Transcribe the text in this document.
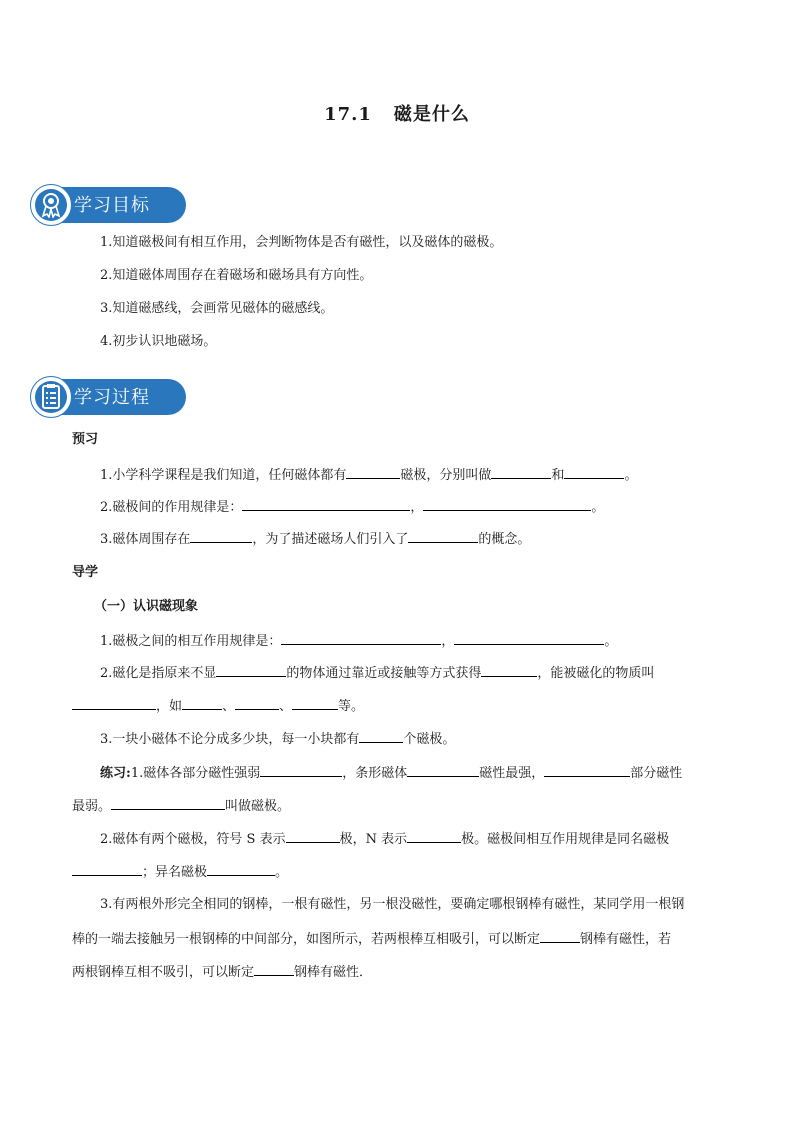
17.1 磁是什么
学习目标
1.知道磁极间有相互作用，会判断物体是否有磁性，以及磁体的磁极。
2.知道磁体周围存在着磁场和磁场具有方向性。
3.知道磁感线，会画常见磁体的磁感线。
4.初步认识地磁场。
学习过程
预习
1.小学科学课程是我们知道，任何磁体都有	磁极，分别叫做	和	。
2.磁极间的作用规律是：	，	。
3.磁体周围存在	，为了描述磁场人们引入了	的概念。
导学
（一）认识磁现象
1.磁极之间的相互作用规律是：	，	。
2.磁化是指原来不显	的物体通过靠近或接触等方式获得	，能被磁化的物质叫
，如	、	、	等。
3.一块小磁体不论分成多少块，每一小块都有	个磁极。
练习:1.磁体各部分磁性强弱	，条形磁体	磁性最强，	部分磁性
最弱。	叫做磁极。
2.磁体有两个磁极，符号 S 表示	极，N 表示	极。磁极间相互作用规律是同名磁极
；异名磁极	。
3.有两根外形完全相同的钢棒，一根有磁性，另一根没磁性，要确定哪根钢棒有磁性，某同学用一根钢
棒的一端去接触另一根钢棒的中间部分，如图所示，若两根棒互相吸引，可以断定	钢棒有磁性，若
两根钢棒互相不吸引，可以断定	钢棒有磁性．
